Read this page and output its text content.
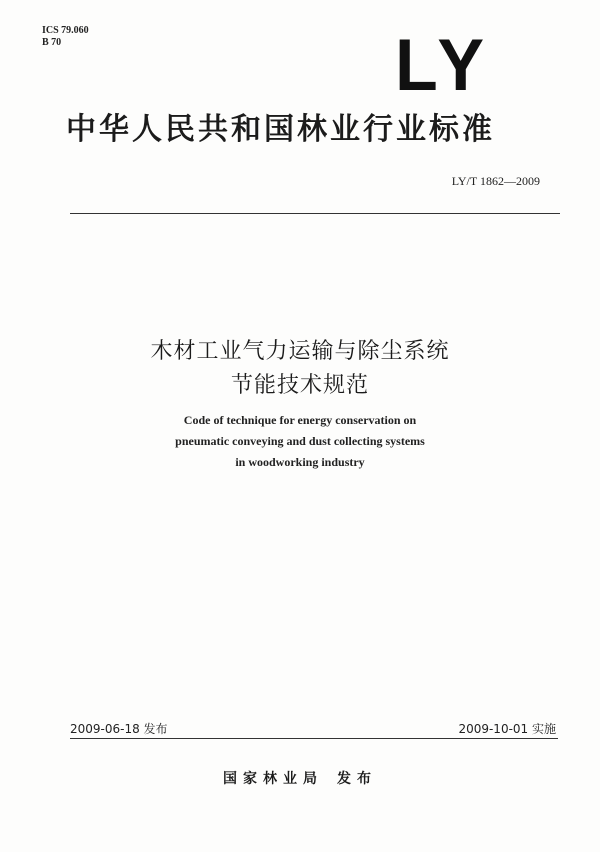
ICS 79.060
B 70	LY
中华人民共和国林业行业标准
LY/T 1862—2009
木材工业气力运输与除尘系统
节能技术规范
Code of technique for energy conservation on
pneumatic conveying and dust collecting systems
in woodworking industry
2009-06-18 发布	2009-10-01 实施
国家林业局 发布
